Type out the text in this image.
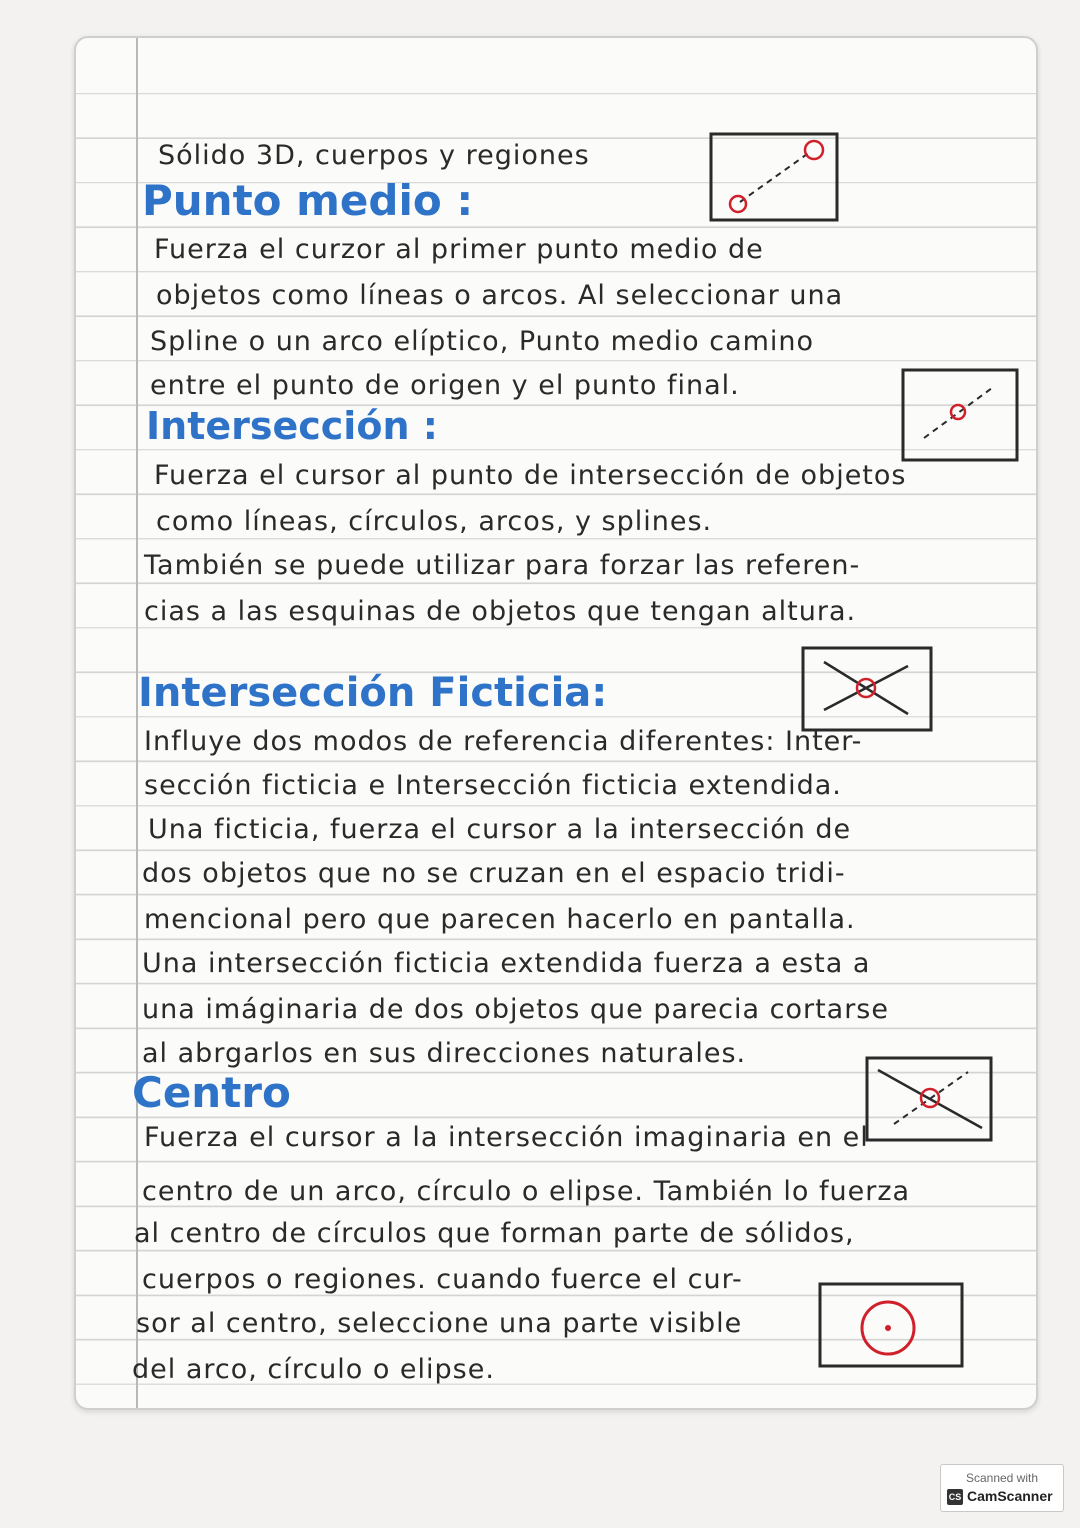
Sólido 3D, cuerpos y regiones
Punto medio :
Fuerza el curzor al primer punto medio de
objetos como líneas o arcos. Al seleccionar una
Spline o un arco elíptico, Punto medio camino
entre el punto de origen y el punto final.
Intersección :
Fuerza el cursor al punto de intersección de objetos
como líneas, círculos, arcos, y splines.
También se puede utilizar para forzar las referen-
cias a las esquinas de objetos que tengan altura.
Intersección Ficticia:
Influye dos modos de referencia diferentes: Inter-
sección ficticia e Intersección ficticia extendida.
Una ficticia, fuerza el cursor a la intersección de
dos objetos que no se cruzan en el espacio tridi-
mencional pero que parecen hacerlo en pantalla.
Una intersección ficticia extendida fuerza a esta a
una imáginaria de dos objetos que parecia cortarse
al abrgarlos en sus direcciones naturales.
Centro
Fuerza el cursor a la intersección imaginaria en el
centro de un arco, círculo o elipse. También lo fuerza
al centro de círculos que forman parte de sólidos,
cuerpos o regiones. cuando fuerce el cur-
sor al centro, seleccione una parte visible
del arco, círculo o elipse.
Scanned with
CS CamScanner
